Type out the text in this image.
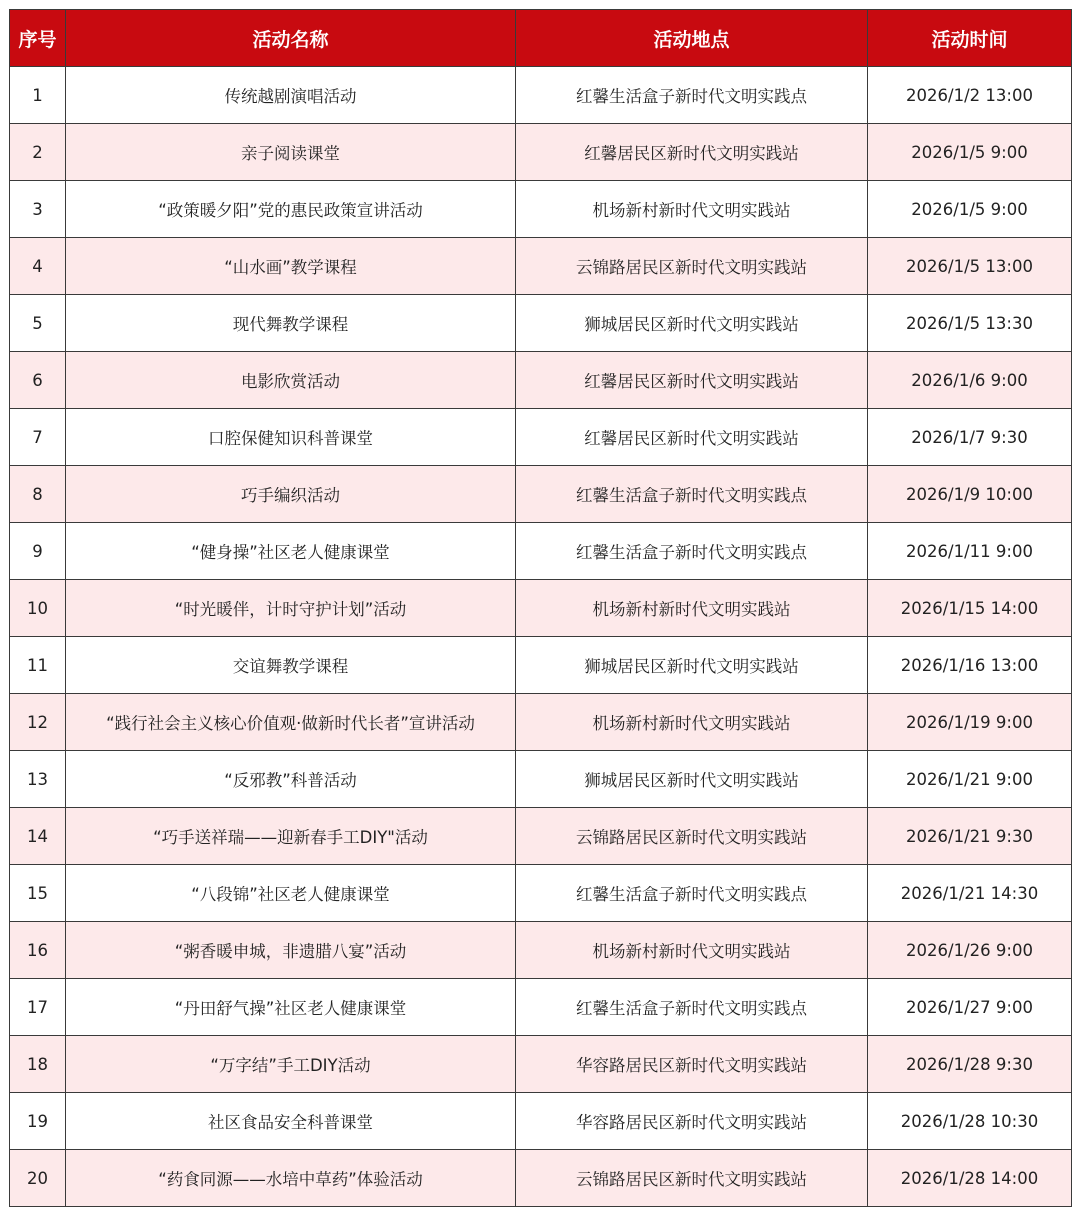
序号	活动名称	活动地点	活动时间
1	传统越剧演唱活动	红馨生活盒子新时代文明实践点	2026/1/2 13:00
2	亲子阅读课堂	红馨居民区新时代文明实践站	2026/1/5 9:00
3	“政策暖夕阳”党的惠民政策宣讲活动	机场新村新时代文明实践站	2026/1/5 9:00
4	“山水画”教学课程	云锦路居民区新时代文明实践站	2026/1/5 13:00
5	现代舞教学课程	狮城居民区新时代文明实践站	2026/1/5 13:30
6	电影欣赏活动	红馨居民区新时代文明实践站	2026/1/6 9:00
7	口腔保健知识科普课堂	红馨居民区新时代文明实践站	2026/1/7 9:30
8	巧手编织活动	红馨生活盒子新时代文明实践点	2026/1/9 10:00
9	“健身操”社区老人健康课堂	红馨生活盒子新时代文明实践点	2026/1/11 9:00
10	“时光暖伴，计时守护计划”活动	机场新村新时代文明实践站	2026/1/15 14:00
11	交谊舞教学课程	狮城居民区新时代文明实践站	2026/1/16 13:00
12	“践行社会主义核心价值观·做新时代长者”宣讲活动	机场新村新时代文明实践站	2026/1/19 9:00
13	“反邪教”科普活动	狮城居民区新时代文明实践站	2026/1/21 9:00
14	“巧手送祥瑞——迎新春手工DIY"活动	云锦路居民区新时代文明实践站	2026/1/21 9:30
15	“八段锦”社区老人健康课堂	红馨生活盒子新时代文明实践点	2026/1/21 14:30
16	“粥香暖申城，非遗腊八宴”活动	机场新村新时代文明实践站	2026/1/26 9:00
17	“丹田舒气操”社区老人健康课堂	红馨生活盒子新时代文明实践点	2026/1/27 9:00
18	“万字结”手工DIY活动	华容路居民区新时代文明实践站	2026/1/28 9:30
19	社区食品安全科普课堂	华容路居民区新时代文明实践站	2026/1/28 10:30
20	“药食同源——水培中草药”体验活动	云锦路居民区新时代文明实践站	2026/1/28 14:00
